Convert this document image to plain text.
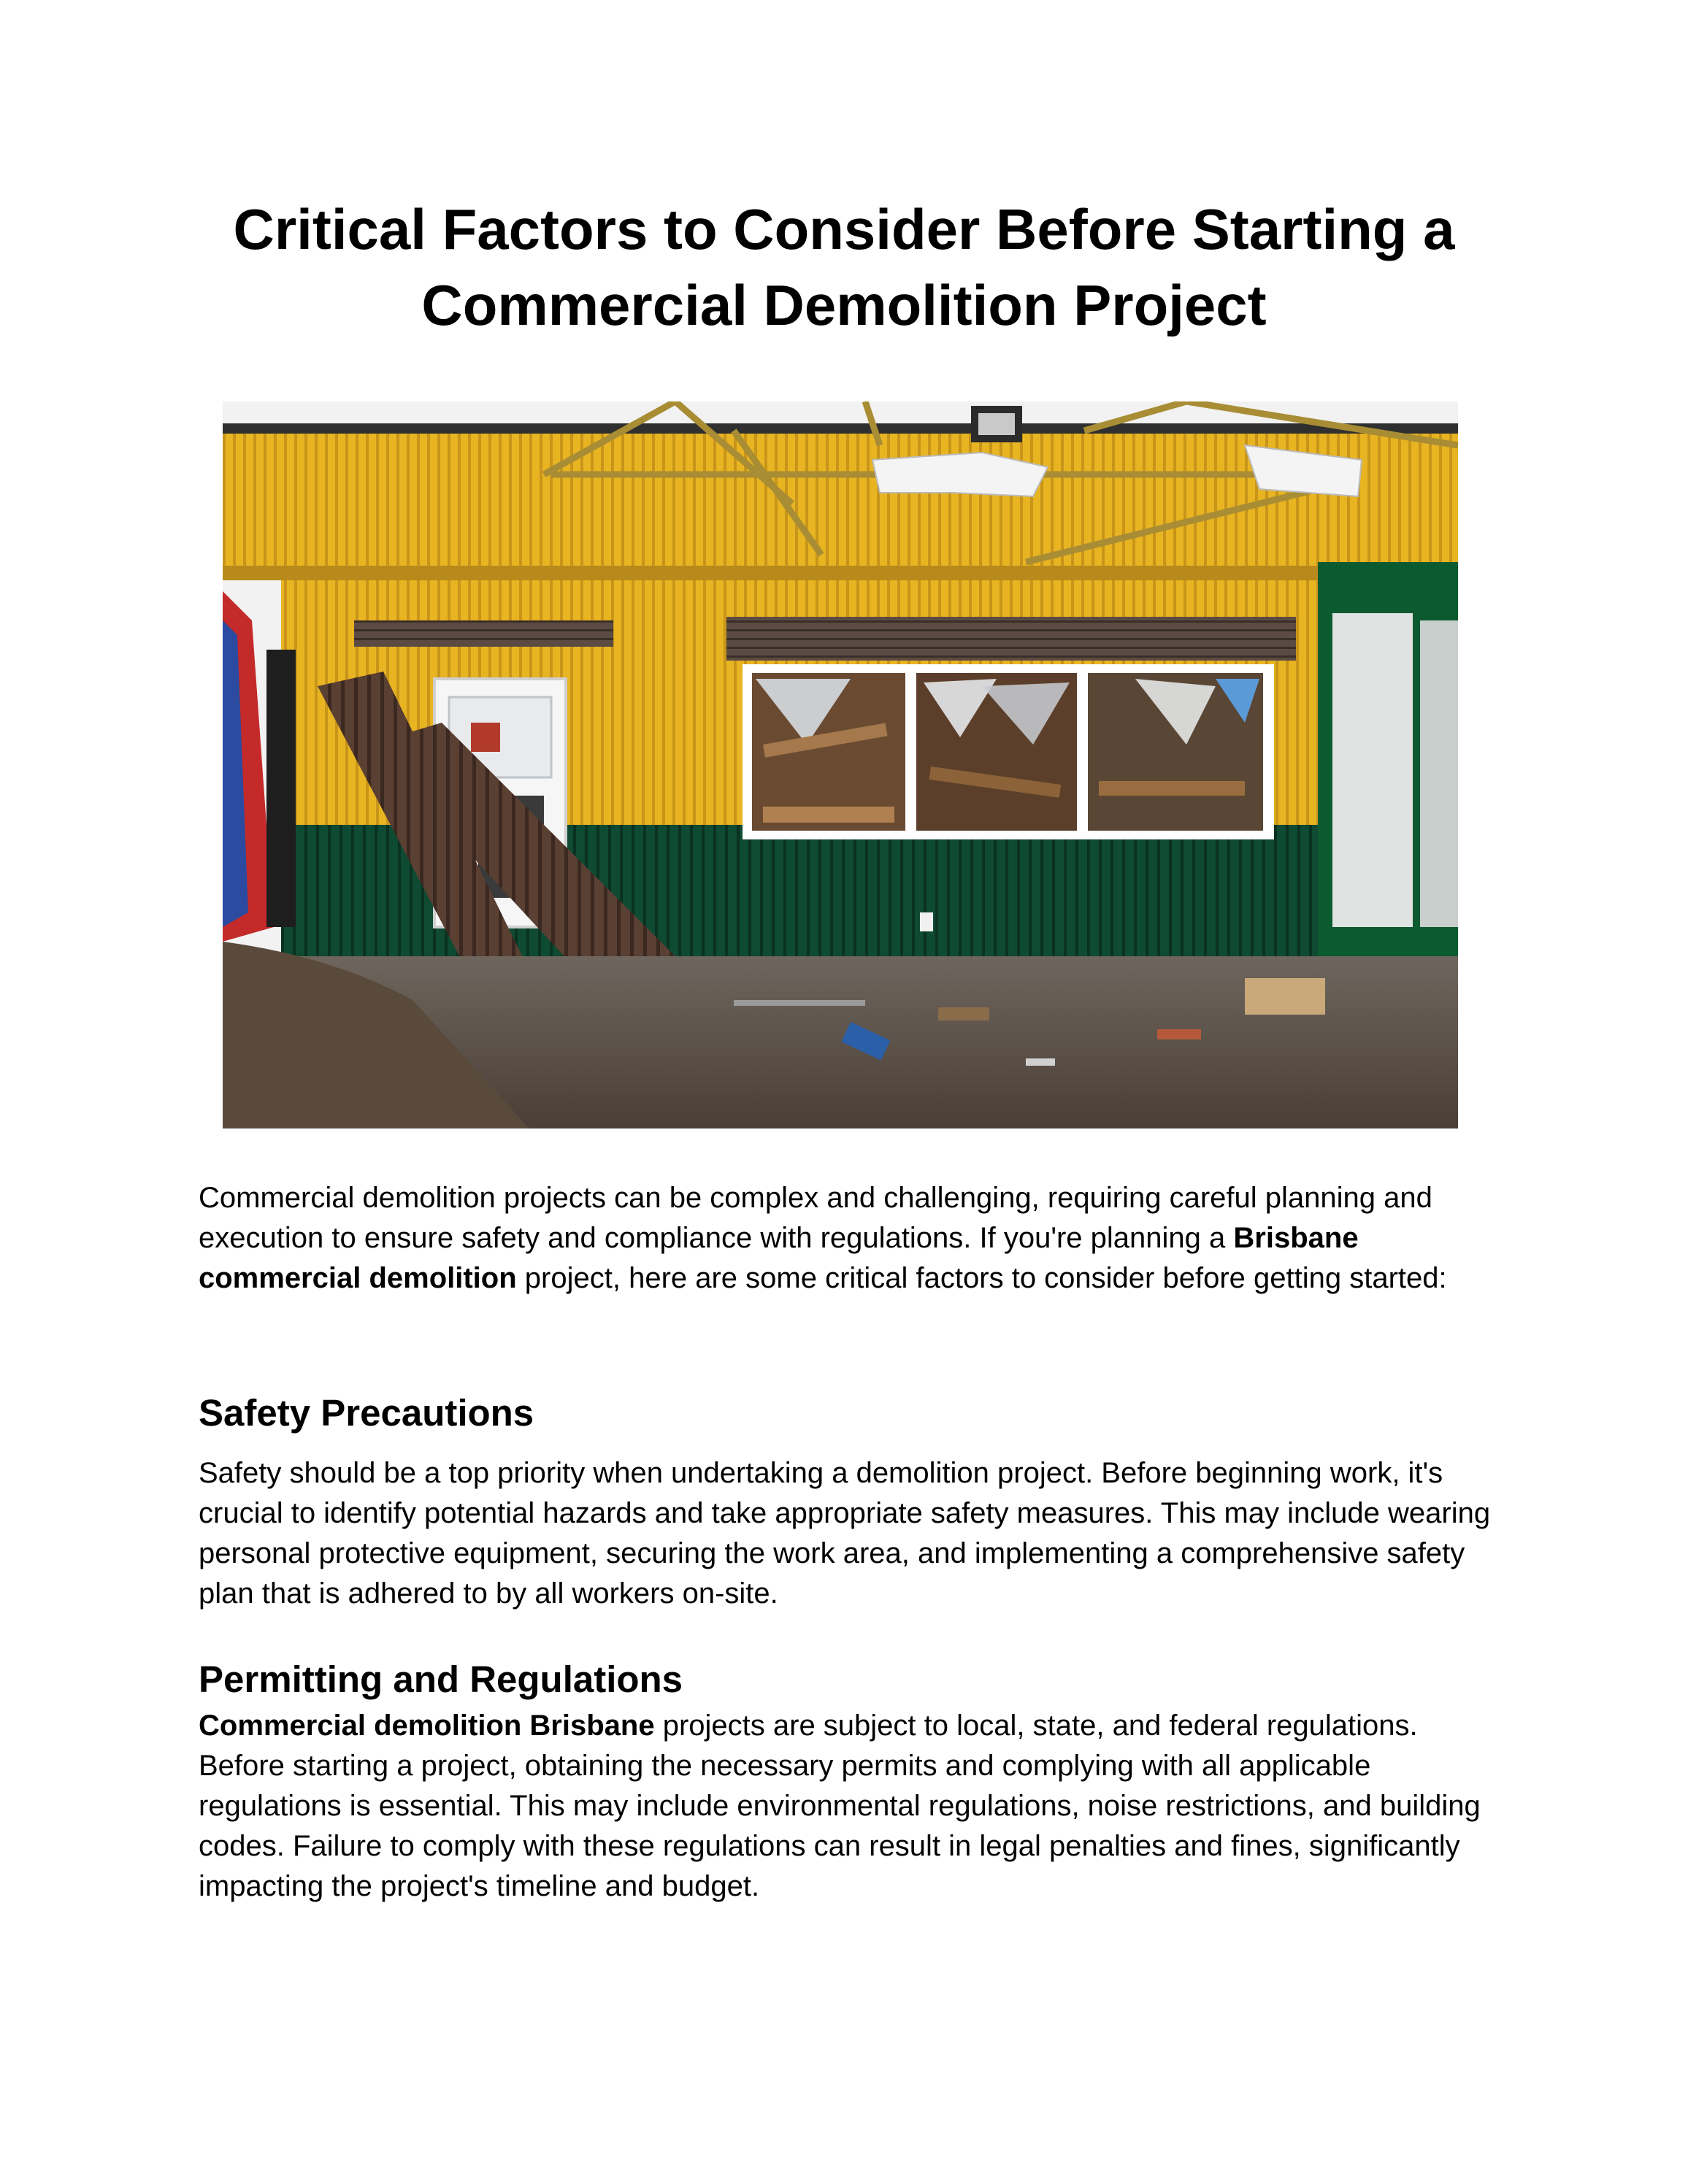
Critical Factors to Consider Before Starting a Commercial Demolition Project

Commercial demolition projects can be complex and challenging, requiring careful planning and execution to ensure safety and compliance with regulations. If you're planning a Brisbane commercial demolition project, here are some critical factors to consider before getting started:

Safety Precautions

Safety should be a top priority when undertaking a demolition project. Before beginning work, it's crucial to identify potential hazards and take appropriate safety measures. This may include wearing personal protective equipment, securing the work area, and implementing a comprehensive safety plan that is adhered to by all workers on-site.

Permitting and Regulations

Commercial demolition Brisbane projects are subject to local, state, and federal regulations. Before starting a project, obtaining the necessary permits and complying with all applicable regulations is essential. This may include environmental regulations, noise restrictions, and building codes. Failure to comply with these regulations can result in legal penalties and fines, significantly impacting the project's timeline and budget.
